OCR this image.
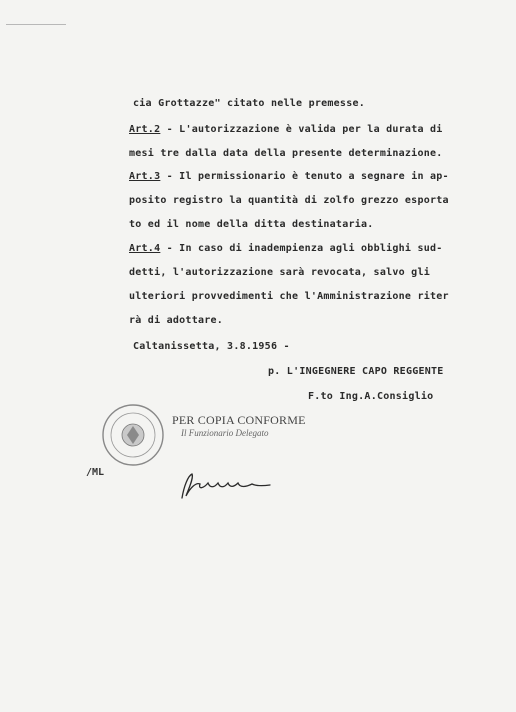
cia Grottazze" citato nelle premesse.
Art.2 - L'autorizzazione è valida per la durata di
mesi tre dalla data della presente determinazione.
Art.3 - Il permissionario è tenuto a segnare in ap-
posito registro la quantità di zolfo grezzo esporta
to ed il nome della ditta destinataria.
Art.4 - In caso di inadempienza agli obblighi sud-
detti, l'autorizzazione sarà revocata, salvo gli
ulteriori provvedimenti che l'Amministrazione riter
rà di adottare.
Caltanissetta, 3.8.1956 -
p. L'INGEGNERE CAPO REGGENTE
F.to Ing.A.Consiglio
PER COPIA CONFORME
Il Funzionario Delegato
/ML
